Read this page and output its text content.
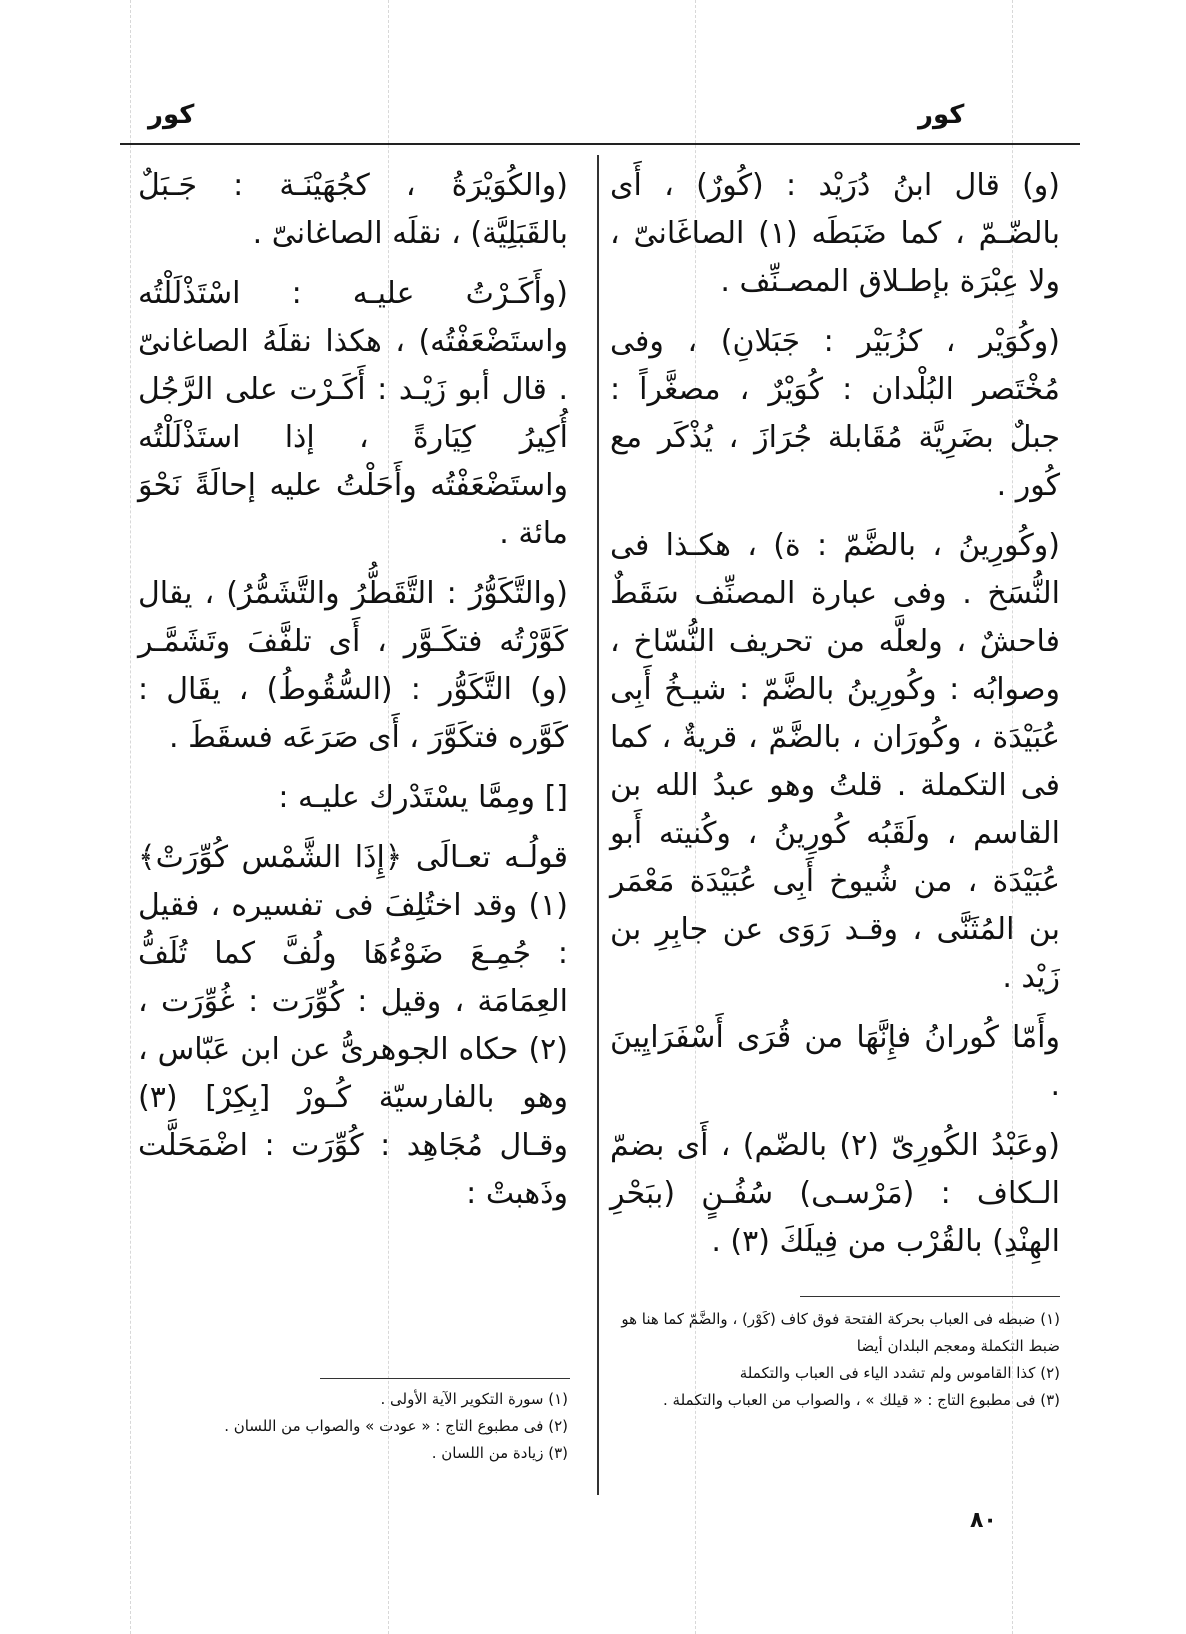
كور	كور

(و) قال ابنُ دُرَيْد : (كُورٌ) ، أَى بالضّـمّ ، كما ضَبَطَه (١) الصاغَانىّ ، ولا عِبْرَة بإطـلاق المصـنِّف .

(وكُوَيْر ، كزُبَيْر : جَبَلانِ) ، وفى مُخْتَصر البُلْدان : كُوَيْرٌ ، مصغَّراً : جبلٌ بضَرِيَّة مُقَابلة جُرَازَ ، يُذْكَر مع كُور .

(وكُورِينُ ، بالضَّمّ : ة) ، هكـذا فى النُّسَخ . وفى عبارة المصنِّف سَقَطٌ فاحشٌ ، ولعلَّه من تحريف النُّسّاخ ، وصوابُه : وكُورِينُ بالضَّمّ : شيـخُ أَبِى عُبَيْدَة ، وكُورَان ، بالضَّمّ ، قريةٌ ، كما فى التكملة . قلتُ وهو عبدُ الله بن القاسم ، ولَقَبُه كُورِينُ ، وكُنيته أَبو عُبَيْدَة ، من شُيوخ أَبِى عُبَيْدَة مَعْمَر بن المُثَنَّى ، وقـد رَوَى عن جابِرِ بن زَيْد .

وأَمّا كُورانُ فإِنَّهَا من قُرَى أَسْفَرَايِينَ .

(وعَبْدُ الكُورِىّ (٢) بالضّم) ، أَى بضمّ الـكاف : (مَرْسـى) سُفُـنٍ (ببَحْرِ الهِنْدِ) بالقُرْب من فِيلَكَ (٣) .

(والكُوَيْرَةُ ، كجُهَيْنَـة : جَـبَلٌ بالقَبَلِيَّة) ، نقلَه الصاغانىّ .

(وأَكَـرْتُ عليـه : اسْتَذْلَلْتُه واستَضْعَفْتُه) ، هكذا نقلَهُ الصاغانىّ . قال أبو زَيْـد : أَكَـرْت على الرَّجُل أُكِيرُ كِيَارةً ، إذا استَذْلَلْتُه واستَضْعَفْتُه وأَحَلْتُ عليه إحالَةً نَحْوَ مائة .

(والتَّكَوُّرُ : التَّقَطُّرُ والتَّشَمُّرُ) ، يقال كَوَّرْتُه فتكَـوَّر ، أَى تلفَّفَ وتَشَمَّـر (و) التَّكَوُّر : (السُّقُوطُ) ، يقَال : كَوَّره فتكَوَّرَ ، أَى صَرَعَه فسقَطَ .

[] ومِمَّا يسْتَدْرك عليـه :

قولُـه تعـالَى ﴿إِذَا الشَّمْس كُوِّرَتْ﴾ (١) وقد اختُلِفَ فى تفسيره ، فقيل : جُمِـعَ ضَوْءُهَا ولُفَّ كما تُلَفُّ العِمَامَة ، وقيل : كُوِّرَت : غُوِّرَت ، (٢) حكاه الجوهرىُّ عن ابن عَبّاس ، وهو بالفارسيّة كُـورْ [بِكِرْ] (٣) وقـال مُجَاهِد : كُوِّرَت : اضْمَحَلَّت وذَهبتْ :

(١) ضبطه فى العباب بحركة الفتحة فوق كاف (كَوْر) ، والضَّمّ كما هنا هو ضبط التكملة ومعجم البلدان أيضا

(٢) كذا القاموس ولم تشدد الياء فى العباب والتكملة

(٣) فى مطبوع التاج : « قيلك » ، والصواب من العباب والتكملة .

(١) سورة التكوير الآية الأولى .

(٢) فى مطبوع التاج : « عودت » والصواب من اللسان .

(٣) زيادة من اللسان .

٨٠
